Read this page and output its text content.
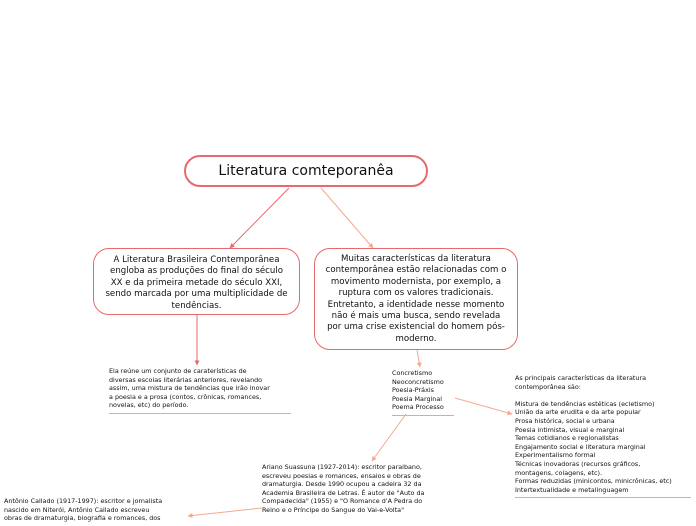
Literatura comteporanêa
A Literatura Brasileira Contemporânea engloba as produções do final do século XX e da primeira metade do século XXI, sendo marcada por uma multiplicidade de tendências.
Muitas características da literatura contemporânea estão relacionadas com o movimento modernista, por exemplo, a ruptura com os valores tradicionais. Entretanto, a identidade nesse momento não é mais uma busca, sendo revelada por uma crise existencial do homem pós-moderno.
Ela reúne um conjunto de caraterísticas de
diversas escolas literárias anteriores, revelando
assim, uma mistura de tendências que irão inovar
a poesia e a prosa (contos, crônicas, romances,
novelas, etc) do período.
Concretismo
Neoconcretismo
Poesia-Práxis
Poesia Marginal
Poema Processo
As principais características da literatura
contemporânea são:
Mistura de tendências estéticas (ecletismo)
União da arte erudita e da arte popular
Prosa histórica, social e urbana
Poesia intimista, visual e marginal
Temas cotidianos e regionalistas
Engajamento social e literatura marginal
Experimentalismo formal
Técnicas inovadoras (recursos gráficos,
montagens, colagens, etc).
Formas reduzidas (minicontos, minicrônicas, etc)
Intertextualidade e metalinguagem
Ariano Suassuna (1927-2014): escritor paraibano,
escreveu poesias e romances, ensaios e obras de
dramaturgia. Desde 1990 ocupou a cadeira 32 da
Academia Brasileira de Letras. É autor de "Auto da
Compadecida" (1955) e "O Romance d'A Pedra do
Reino e o Príncipe do Sangue do Vai-e-Volta"
Antônio Callado (1917-1997): escritor e jornalista
nascido em Niterói, Antônio Callado escreveu
obras de dramaturgia, biografia e romances, dos
